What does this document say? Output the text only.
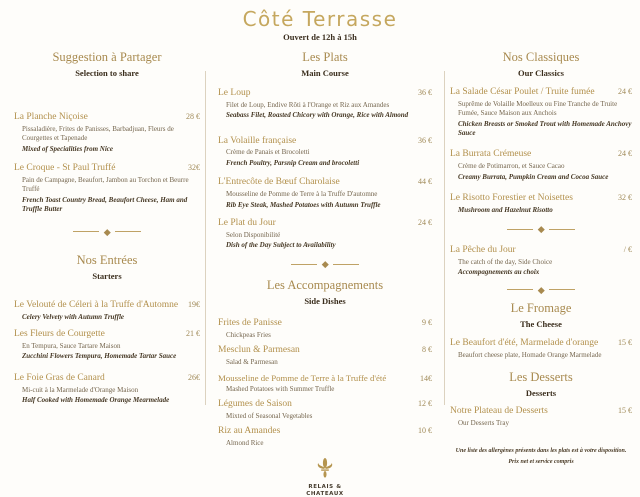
Côté Terrasse
Ouvert de 12h à 15h
Suggestion à Partager
Selection to share
La Planche Niçoise	28 €
Pissaladière, Frites de Panisses, Barbadjuan, Fleurs de Courgettes et Tapenade
Mixed of Specialities from Nice
Le Croque - St Paul Truffé	32€
Pain de Campagne, Beaufort, Jambon au Torchon et Beurre Truffé
French Toast Country Bread, Beaufort Cheese, Ham and Truffle Butter
Nos Entrées
Starters
Le Velouté de Céleri à la Truffe d'Automne 19€
Celery Velvety with Autumn Truffle
Les Fleurs de Courgette	21 €
En Tempura, Sauce Tartare Maison
Zucchini Flowers Tempura, Homemade Tartar Sauce
Le Foie Gras de Canard	26€
Mi-cuit à la Marmelade d'Orange Maison
Half Cooked with Homemade Orange Mearmelade
Les Plats
Main Course
Le Loup	36 €
Filet de Loup, Endive Rôti à l'Orange et Riz aux Amandes
Seabass Filet, Roasted Chicory with Orange, Rice with Almond
La Volaille française	36 €
Crème de Panais et Brocoletti
French Poultry, Parsnip Cream and brocoletti
L'Entrecôte de Bœuf Charolaise	44 €
Mousseline de Pomme de Terre à la Truffe D'automne
Rib Eye Steak, Mashed Potatoes with Autumn Truffle
Le Plat du Jour	24 €
Selon Disponibilité
Dish of the Day Subject to Availability
Les Accompagnements
Side Dishes
Frites de Panisse	9 €
Chickpeas Fries
Mesclun & Parmesan	8 €
Salad & Parmesan
Mousseline de Pomme de Terre à la Truffe d'été	14€
Mashed Potatoes with Summer Truffle
Légumes de Saison	12 €
Mixted of Seasonal Vegetables
Riz au Amandes	10 €
Almond Rice
RELAIS &
CHATEAUX
Nos Classiques
Our Classics
La Salade César Poulet / Truite fumée	24 €
Suprême de Volaille Moelleux ou Fine Tranche de Truite Fumée, Sauce Maison aux Anchois
Chicken Breasts or Smoked Trout with Homemade Anchovy Sauce
La Burrata Crémeuse	24 €
Crème de Potimarron, et Sauce Cacao
Creamy Burrata, Pumpkin Cream and Cocoa Sauce
Le Risotto Forestier et Noisettes	32 €
Mushroom and Hazelnut Risotto
La Pêche du Jour	/ €
The catch of the day, Side Choice
Accompagnements au choix
Le Fromage
The Cheese
Le Beaufort d'été, Marmelade d'orange 15 €
Beaufort cheese plate, Homade Orange Marmelade
Les Desserts
Desserts
Notre Plateau de Desserts	15 €
Our Desserts Tray
Une liste des allergènes présents dans les plats est à votre disposition.
Prix net et service compris
